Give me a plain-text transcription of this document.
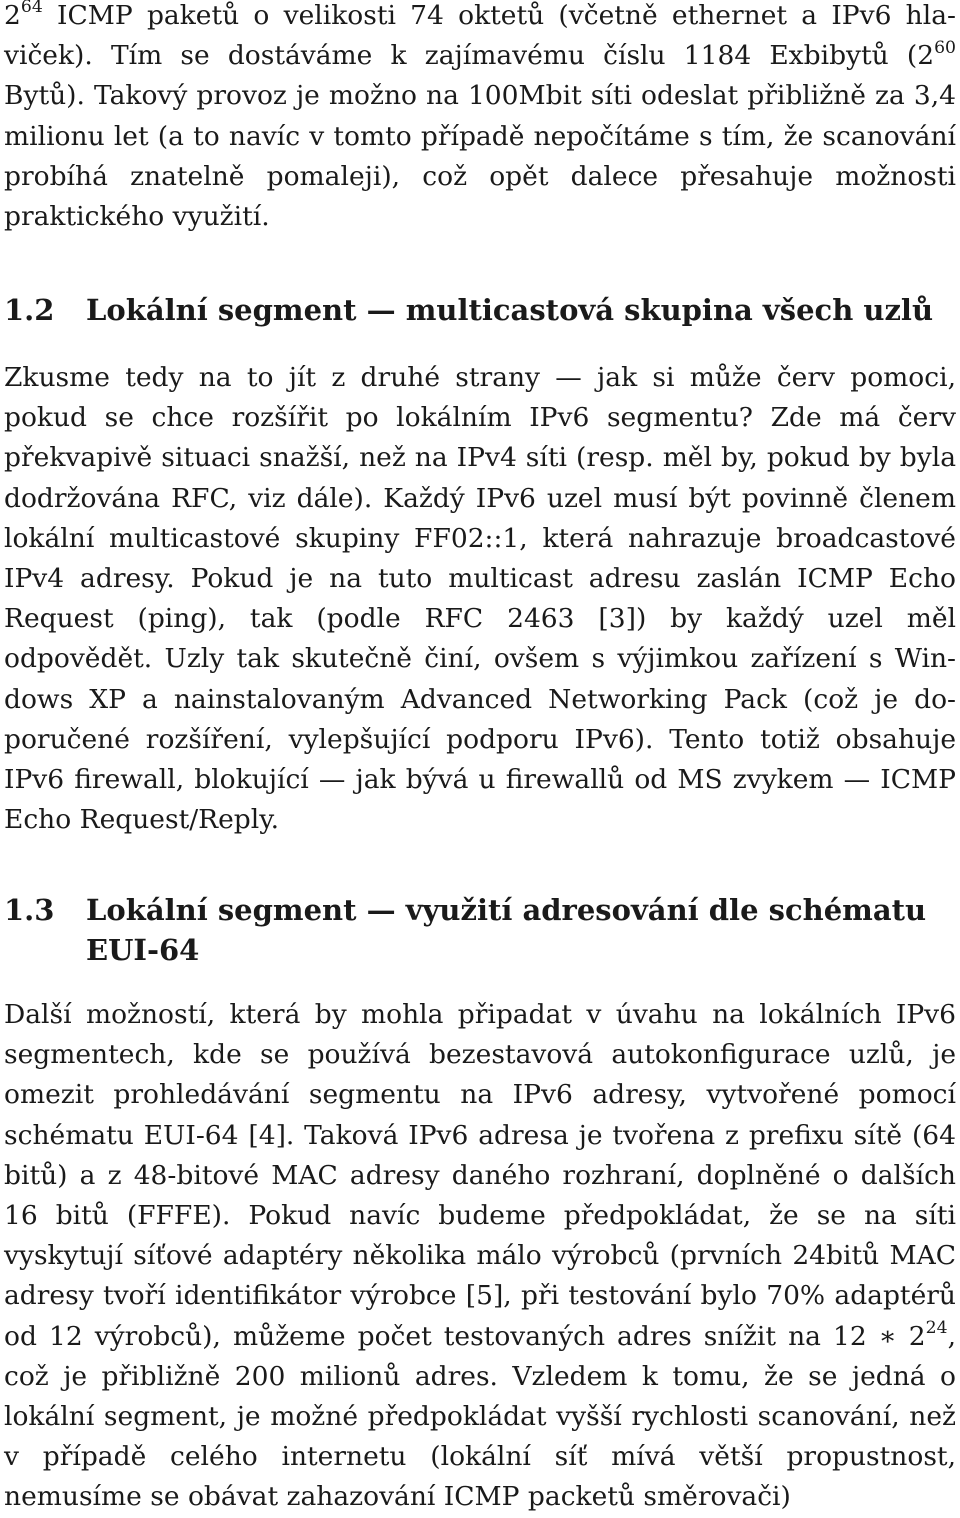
$2^{64}$ ICMP paketů o velikosti 74 oktetů (včetně ethernet a IPv6 hlaviček). Tím se dostáváme k zajímavému číslu 1184 Exbibytů ($2^{60}$ Bytů). Takový provoz je možno na 100Mbit síti odeslat přibližně za 3,4 milionu let (a to navíc v tomto případě nepočítáme s tím, že scanování probíhá znatelně pomaleji), což opět dalece přesahuje možnosti praktického využití.

1.2	Lokální segment — multicastová skupina všech uzlů

Zkusme tedy na to jít z druhé strany — jak si může červ pomoci, pokud se chce rozšířit po lokálním IPv6 segmentu? Zde má červ překvapivě situaci snažší, než na IPv4 síti (resp. měl by, pokud by byla dodržována RFC, viz dále). Každý IPv6 uzel musí být povinně členem lokální multicastové skupiny FF02::1, která nahrazuje broadcastové IPv4 adresy. Pokud je na tuto multicast adresu zaslán ICMP Echo Request (ping), tak (podle RFC 2463 [3]) by každý uzel měl odpovědět. Uzly tak skutečně činí, ovšem s výjimkou zařízení s Windows XP a nainstalovaným Advanced Networking Pack (což je doporučené rozšíření, vylepšující podporu IPv6). Tento totiž obsahuje IPv6 firewall, blokující — jak bývá u firewallů od MS zvykem — ICMP Echo Request/Reply.

1.3	Lokální segment — využití adresování dle schématu EUI-64

Další možností, která by mohla připadat v úvahu na lokálních IPv6 segmentech, kde se používá bezestavová autokonfigurace uzlů, je omezit prohledávání segmentu na IPv6 adresy, vytvořené pomocí schématu EUI-64 [4]. Taková IPv6 adresa je tvořena z prefixu sítě (64 bitů) a z 48-bitové MAC adresy daného rozhraní, doplněné o dalších 16 bitů (FFFE). Pokud navíc budeme předpokládat, že se na síti vyskytují síťové adaptéry několika málo výrobců (prvních 24bitů MAC adresy tvoří identifikátor výrobce [5], při testování bylo 70% adaptérů od 12 výrobců), můžeme počet testovaných adres snížit na 12 ∗ $2^{24}$, což je přibližně 200 milionů adres. Vzledem k tomu, že se jedná o lokální segment, je možné předpokládat vyšší rychlosti scanování, než v případě celého internetu (lokální síť mívá větší propustnost, nemusíme se obávat zahazování ICMP packetů směrovači)
